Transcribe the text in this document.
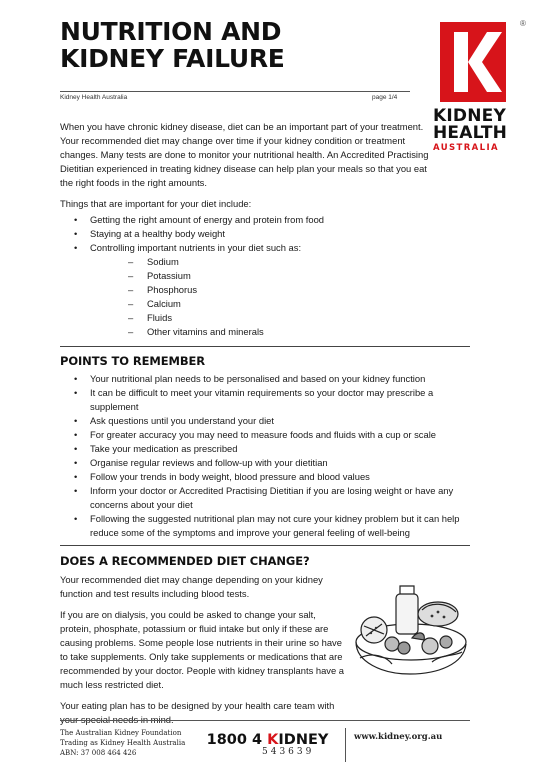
NUTRITION AND
KIDNEY FAILURE
®
KIDNEY
HEALTH
AUSTRALIA
Kidney Health Australia	page 1/4

When you have chronic kidney disease, diet can be an important part of your treatment. Your recommended diet may change over time if your kidney condition or treatment changes. Many tests are done to monitor your nutritional health. An Accredited Practising Dietitian experienced in treating kidney disease can help plan your meals so that you eat the right foods in the right amounts.

Things that are important for your diet include:

• Getting the right amount of energy and protein from food
• Staying at a healthy body weight
• Controlling important nutrients in your diet such as:
– Sodium
– Potassium
– Phosphorus
– Calcium
– Fluids
– Other vitamins and minerals
POINTS TO REMEMBER
• Your nutritional plan needs to be personalised and based on your kidney function
• It can be difficult to meet your vitamin requirements so your doctor may prescribe a supplement
• Ask questions until you understand your diet
• For greater accuracy you may need to measure foods and fluids with a cup or scale
• Take your medication as prescribed
• Organise regular reviews and follow-up with your dietitian
• Follow your trends in body weight, blood pressure and blood values
• Inform your doctor or Accredited Practising Dietitian if you are losing weight or have any concerns about your diet
• Following the suggested nutritional plan may not cure your kidney problem but it can help reduce some of the symptoms and improve your general feeling of well-being
DOES A RECOMMENDED DIET CHANGE?

Your recommended diet may change depending on your kidney function and test results including blood tests.

If you are on dialysis, you could be asked to change your salt, protein, phosphate, potassium or fluid intake but only if these are causing problems. Some people lose nutrients in their urine so have to take supplements. Only take supplements or medications that are recommended by your doctor. People with kidney transplants have a much less restricted diet.

Your eating plan has to be designed by your health care team with your special needs in mind.

The Australian Kidney Foundation
Trading as Kidney Health Australia
ABN: 37 008 464 426
1800 4 KIDNEY
543639
www.kidney.org.au
